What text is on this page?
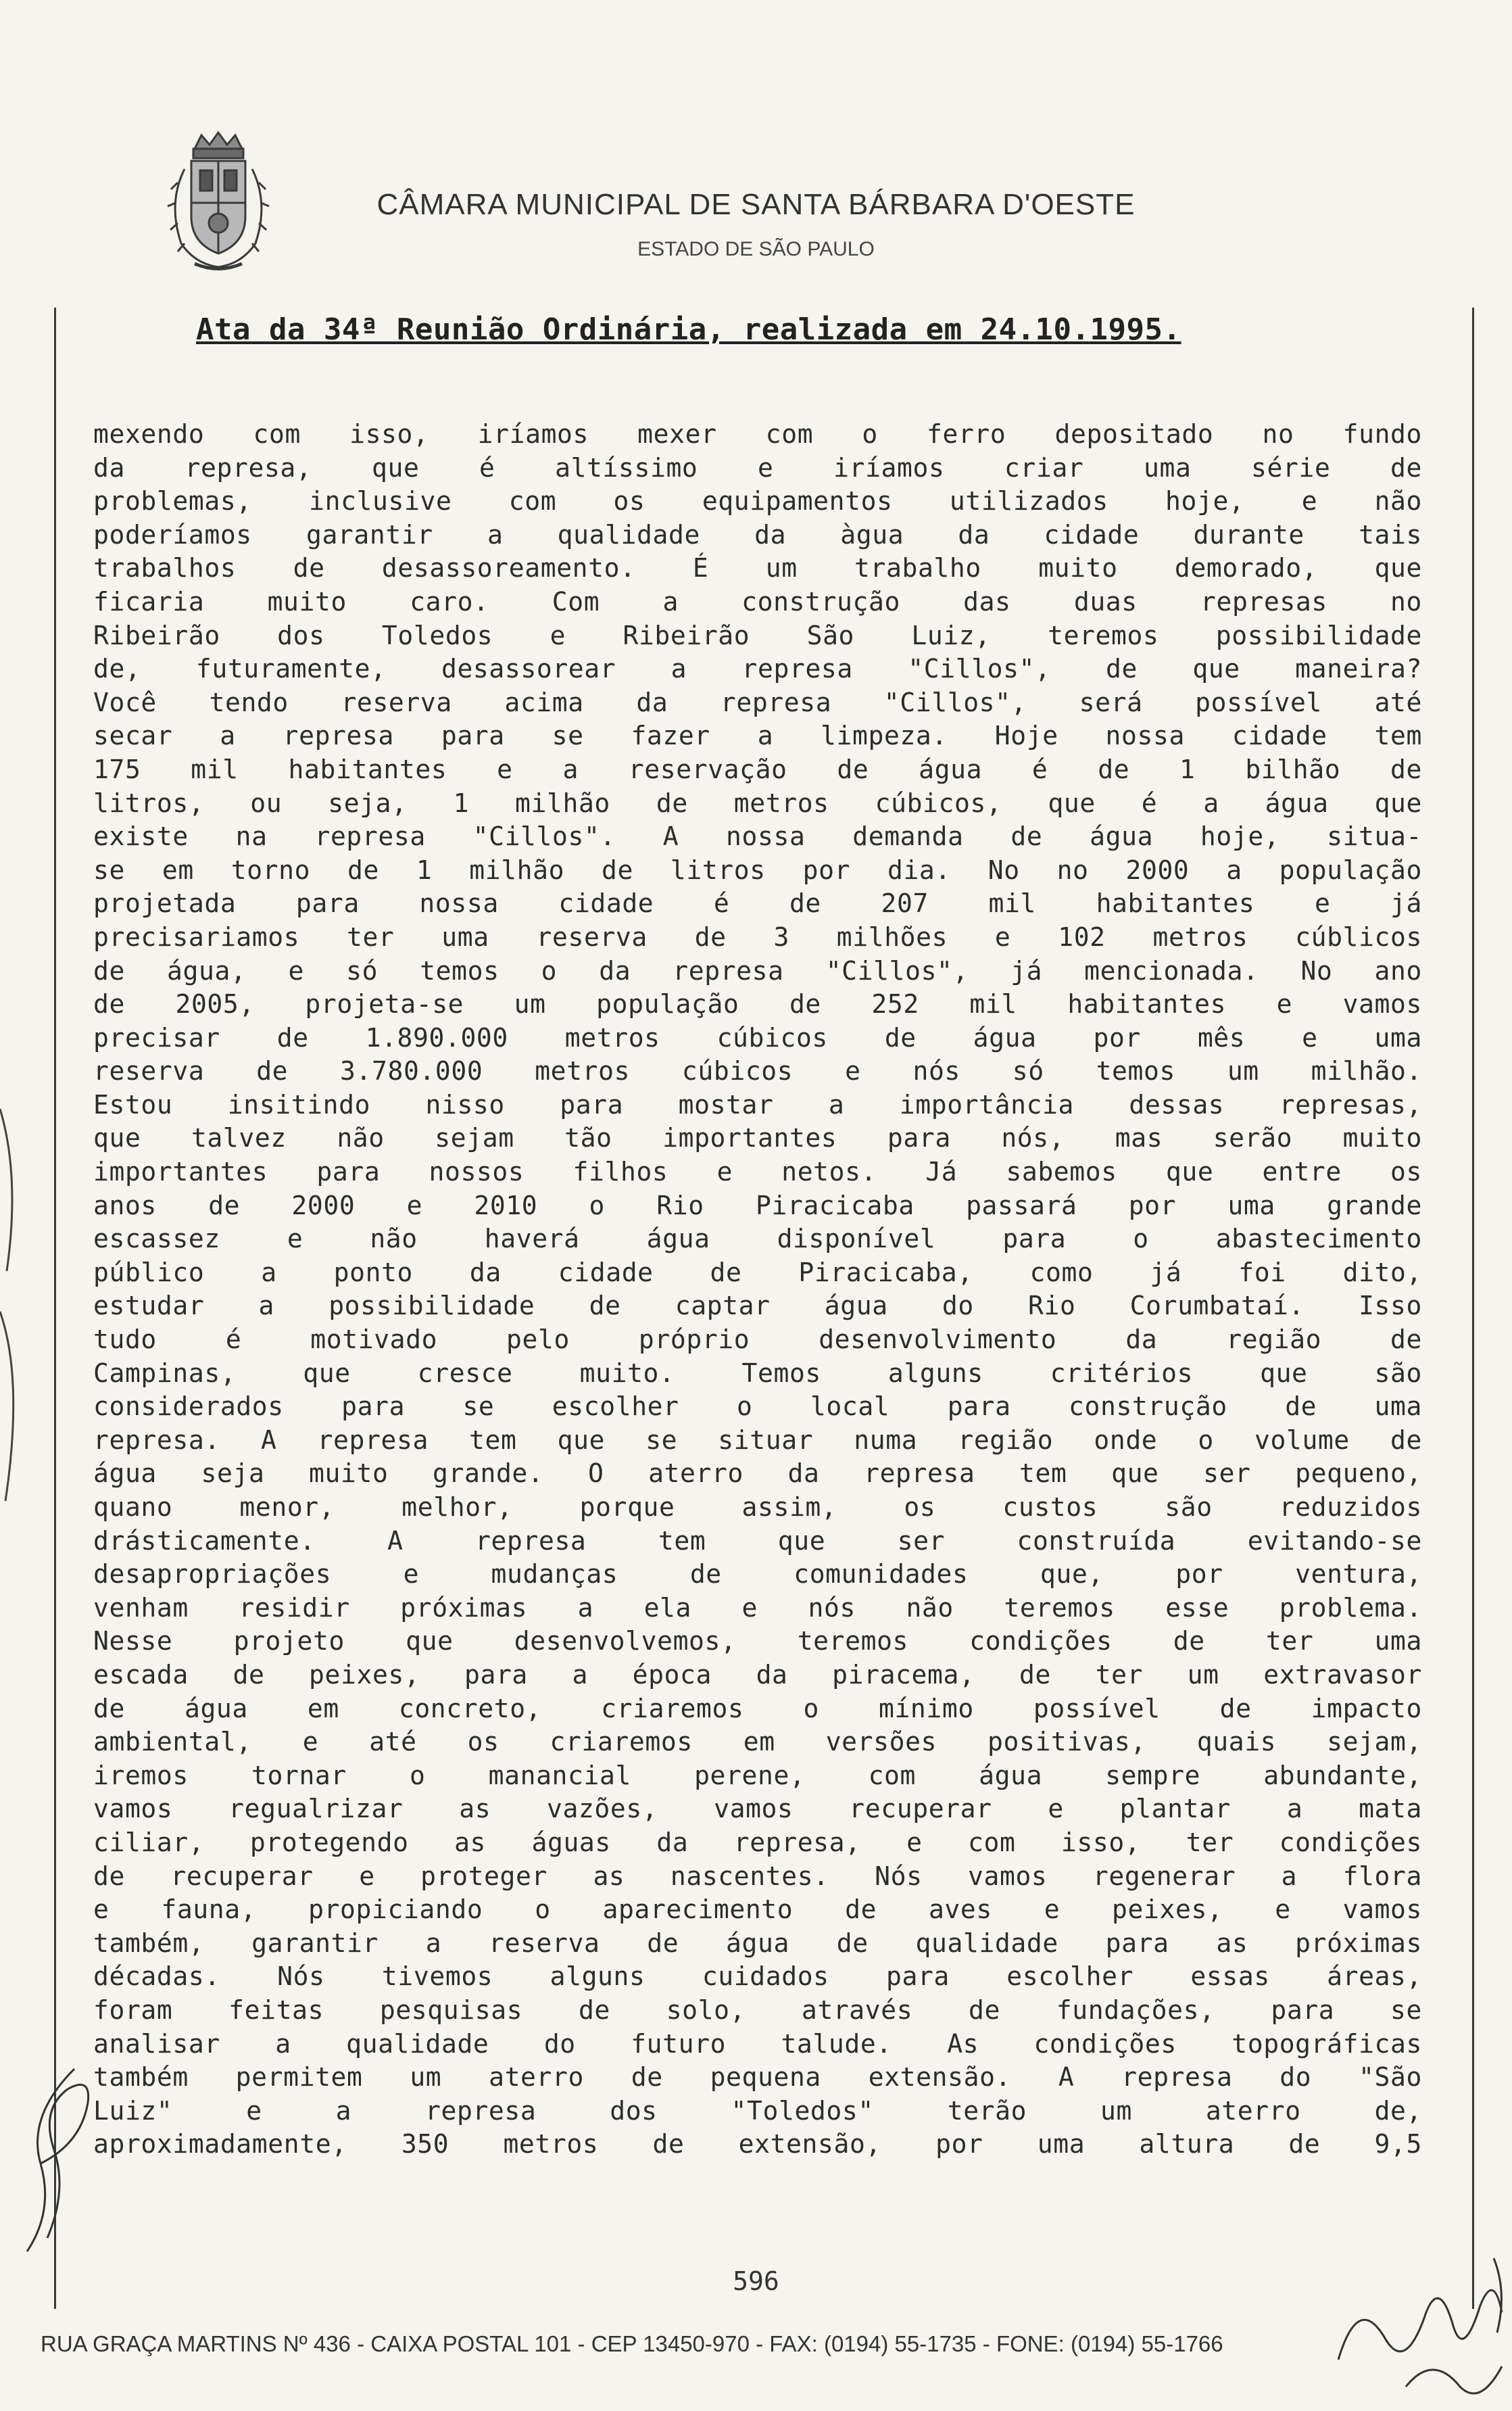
CÂMARA MUNICIPAL DE SANTA BÁRBARA D'OESTE
ESTADO DE SÃO PAULO
Ata da 34ª Reunião Ordinária, realizada em 24.10.1995.
mexendo com isso, iríamos mexer com o ferro depositado no fundo
da represa, que é altíssimo e iríamos criar uma série de
problemas, inclusive com os equipamentos utilizados hoje, e não
poderíamos garantir a qualidade da àgua da cidade durante tais
trabalhos de desassoreamento. É um trabalho muito demorado, que
ficaria muito caro. Com a construção das duas represas no
Ribeirão dos Toledos e Ribeirão São Luiz, teremos possibilidade
de, futuramente, desassorear a represa "Cillos", de que maneira?
Você tendo reserva acima da represa "Cillos", será possível até
secar a represa para se fazer a limpeza. Hoje nossa cidade tem
175 mil habitantes e a reservação de água é de 1 bilhão de
litros, ou seja, 1 milhão de metros cúbicos, que é a água que
existe na represa "Cillos". A nossa demanda de água hoje, situa-
se em torno de 1 milhão de litros por dia. No no 2000 a população
projetada para nossa cidade é de 207 mil habitantes e já
precisariamos ter uma reserva de 3 milhões e 102 metros cúblicos
de água, e só temos o da represa "Cillos", já mencionada. No ano
de 2005, projeta-se um população de 252 mil habitantes e vamos
precisar de 1.890.000 metros cúbicos de água por mês e uma
reserva de 3.780.000 metros cúbicos e nós só temos um milhão.
Estou insitindo nisso para mostar a importância dessas represas,
que talvez não sejam tão importantes para nós, mas serão muito
importantes para nossos filhos e netos. Já sabemos que entre os
anos de 2000 e 2010 o Rio Piracicaba passará por uma grande
escassez e não haverá água disponível para o abastecimento
público a ponto da cidade de Piracicaba, como já foi dito,
estudar a possibilidade de captar água do Rio Corumbataí. Isso
tudo é motivado pelo próprio desenvolvimento da região de
Campinas, que cresce muito. Temos alguns critérios que são
considerados para se escolher o local para construção de uma
represa. A represa tem que se situar numa região onde o volume de
água seja muito grande. O aterro da represa tem que ser pequeno,
quano menor, melhor, porque assim, os custos são reduzidos
drásticamente. A represa tem que ser construída evitando-se
desapropriações e mudanças de comunidades que, por ventura,
venham residir próximas a ela e nós não teremos esse problema.
Nesse projeto que desenvolvemos, teremos condições de ter uma
escada de peixes, para a época da piracema, de ter um extravasor
de água em concreto, criaremos o mínimo possível de impacto
ambiental, e até os criaremos em versões positivas, quais sejam,
iremos tornar o manancial perene, com água sempre abundante,
vamos regualrizar as vazões, vamos recuperar e plantar a mata
ciliar, protegendo as águas da represa, e com isso, ter condições
de recuperar e proteger as nascentes. Nós vamos regenerar a flora
e fauna, propiciando o aparecimento de aves e peixes, e vamos
também, garantir a reserva de água de qualidade para as próximas
décadas. Nós tivemos alguns cuidados para escolher essas áreas,
foram feitas pesquisas de solo, através de fundações, para se
analisar a qualidade do futuro talude. As condições topográficas
também permitem um aterro de pequena extensão. A represa do "São
Luiz" e a represa dos "Toledos" terão um aterro de,
aproximadamente, 350 metros de extensão, por uma altura de 9,5
596
RUA GRAÇA MARTINS Nº 436 - CAIXA POSTAL 101 - CEP 13450-970 - FAX: (0194) 55-1735 - FONE: (0194) 55-1766
